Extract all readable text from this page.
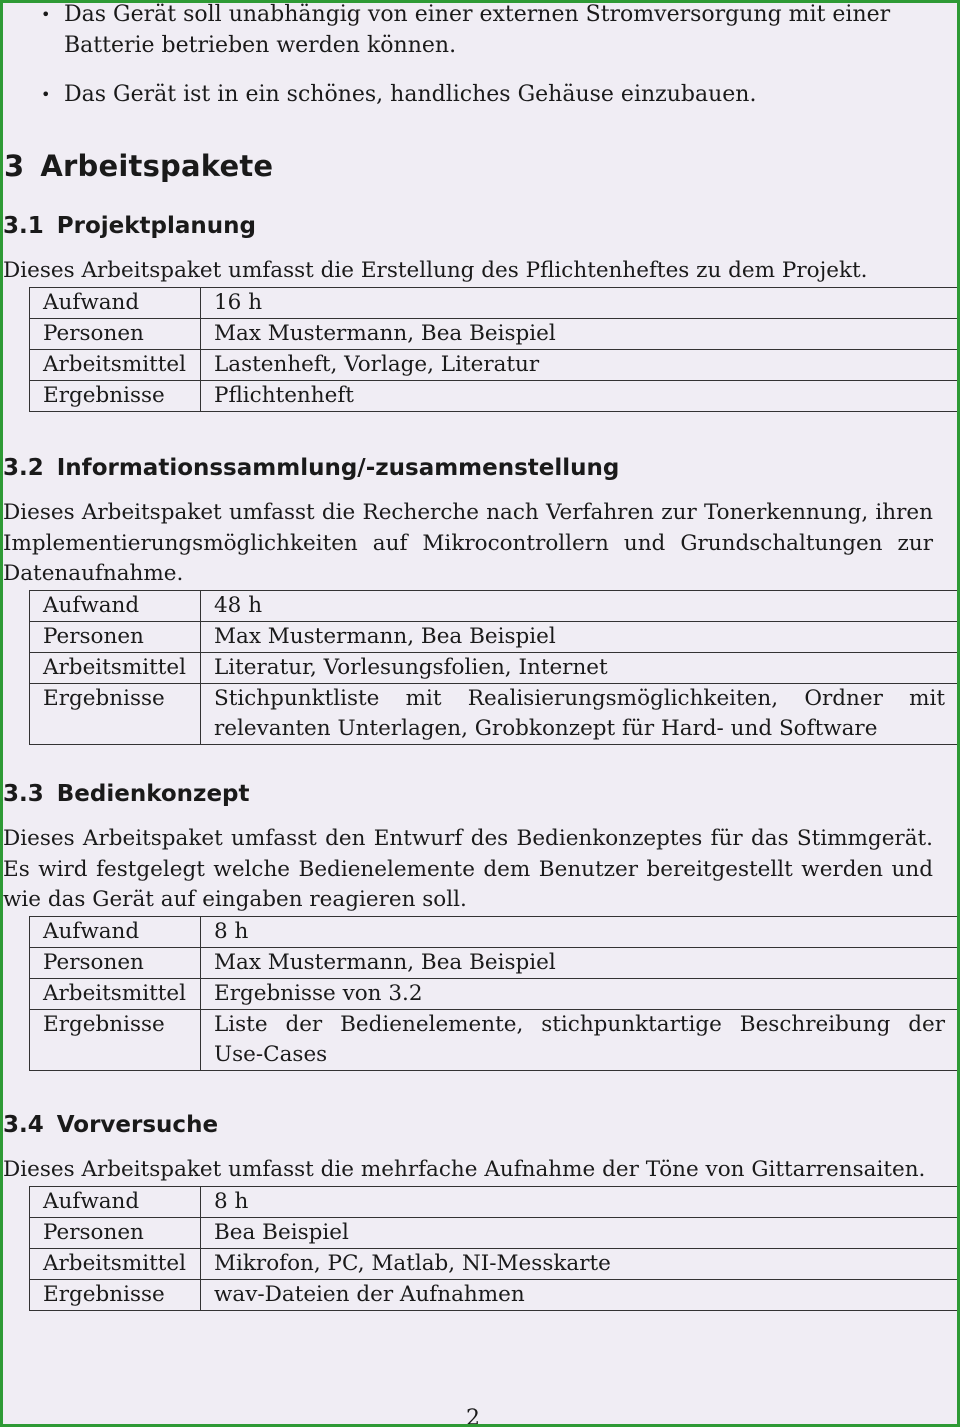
• Das Gerät soll unabhängig von einer externen Stromversorgung mit einer Batterie betrieben werden können.
• Das Gerät ist in ein schönes, handliches Gehäuse einzubauen.
3 Arbeitspakete
3.1 Projektplanung

Dieses Arbeitspaket umfasst die Erstellung des Pflichtenheftes zu dem Projekt.

Aufwand	16 h
Personen	Max Mustermann, Bea Beispiel
Arbeitsmittel	Lastenheft, Vorlage, Literatur
Ergebnisse	Pflichtenheft
3.2 Informationssammlung/-zusammenstellung

Dieses Arbeitspaket umfasst die Recherche nach Verfahren zur Tonerkennung, ihren Implementierungsmöglichkeiten auf Mikrocontrollern und Grundschaltungen zur Datenaufnahme.

Aufwand	48 h
Personen	Max Mustermann, Bea Beispiel
Arbeitsmittel	Literatur, Vorlesungsfolien, Internet
Ergebnisse	Stichpunktliste mit Realisierungsmöglichkeiten, Ordner mit relevanten Unterlagen, Grobkonzept für Hard- und Software
3.3 Bedienkonzept

Dieses Arbeitspaket umfasst den Entwurf des Bedienkonzeptes für das Stimmgerät. Es wird festgelegt welche Bedienelemente dem Benutzer bereitgestellt werden und wie das Gerät auf eingaben reagieren soll.

Aufwand	8 h
Personen	Max Mustermann, Bea Beispiel
Arbeitsmittel	Ergebnisse von 3.2
Ergebnisse	Liste der Bedienelemente, stichpunktartige Beschreibung der Use-Cases
3.4 Vorversuche

Dieses Arbeitspaket umfasst die mehrfache Aufnahme der Töne von Gittarrensaiten.

Aufwand	8 h
Personen	Bea Beispiel
Arbeitsmittel	Mikrofon, PC, Matlab, NI-Messkarte
Ergebnisse	wav-Dateien der Aufnahmen
2
